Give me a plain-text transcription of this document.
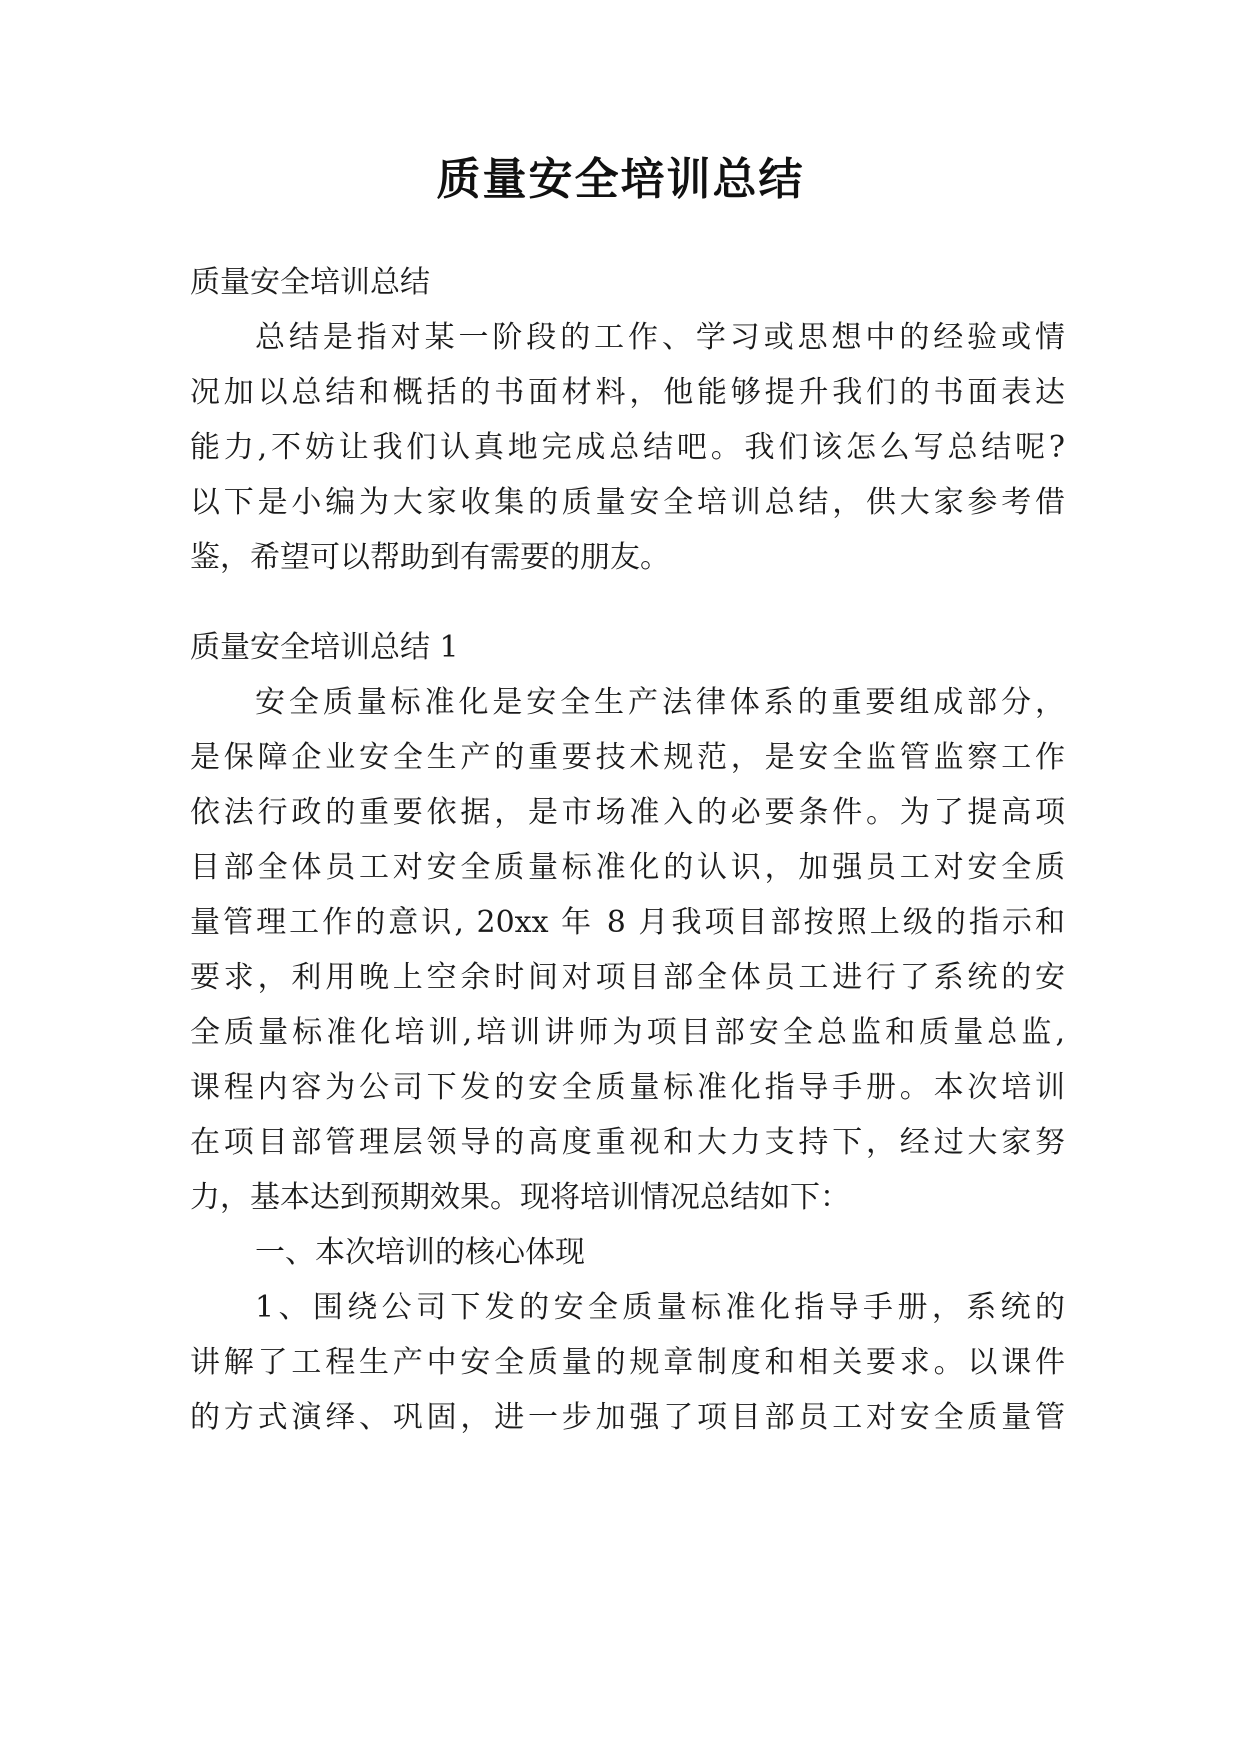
质量安全培训总结
质量安全培训总结
总结是指对某一阶段的工作、学习或思想中的经验或情
况加以总结和概括的书面材料，他能够提升我们的书面表达
能力,不妨让我们认真地完成总结吧。我们该怎么写总结呢?
以下是小编为大家收集的质量安全培训总结，供大家参考借
鉴，希望可以帮助到有需要的朋友。
质量安全培训总结 1
安全质量标准化是安全生产法律体系的重要组成部分，
是保障企业安全生产的重要技术规范，是安全监管监察工作
依法行政的重要依据，是市场准入的必要条件。为了提高项
目部全体员工对安全质量标准化的认识，加强员工对安全质
量管理工作的意识, 20xx 年 8 月我项目部按照上级的指示和
要求，利用晚上空余时间对项目部全体员工进行了系统的安
全质量标准化培训,培训讲师为项目部安全总监和质量总监,
课程内容为公司下发的安全质量标准化指导手册。本次培训
在项目部管理层领导的高度重视和大力支持下，经过大家努
力，基本达到预期效果。现将培训情况总结如下：
一、本次培训的核心体现
1、围绕公司下发的安全质量标准化指导手册，系统的
讲解了工程生产中安全质量的规章制度和相关要求。以课件
的方式演绎、巩固，进一步加强了项目部员工对安全质量管
